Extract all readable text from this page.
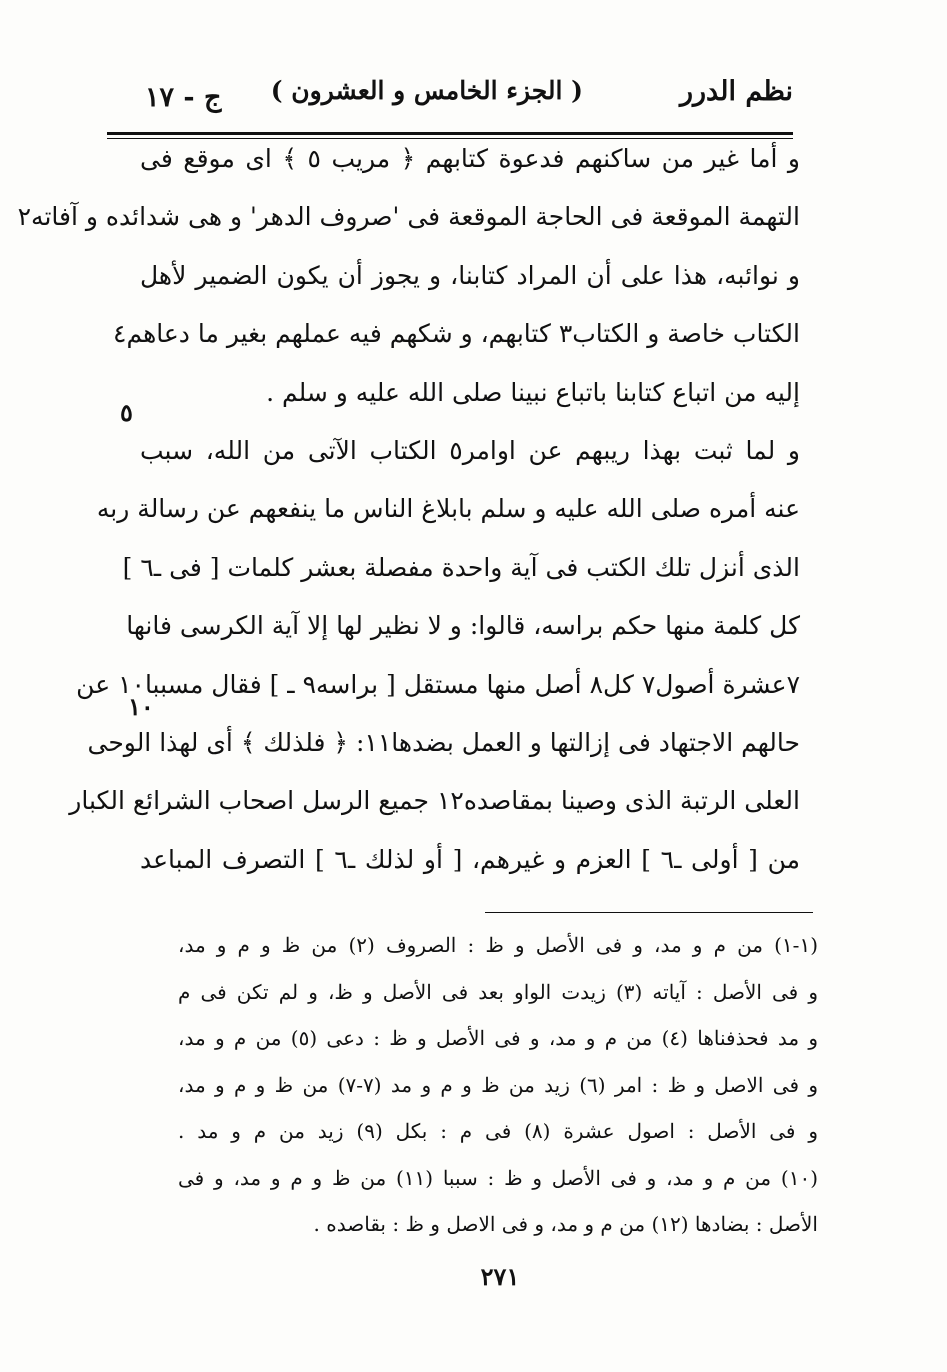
نظم الدرر
( الجزء الخامس و العشرون )
ج - ١٧
و أما غير من ساكنهم فدعوة كتابهم ﴿ مريب ٥ ﴾ اى موقع فى
التهمة الموقعة فى الحاجة الموقعة فى 'صروف الدهر' و هى شدائده و آفاته٢
و نوائبه، هذا على أن المراد كتابنا، و يجوز أن يكون الضمير لأهل
الكتاب خاصة و الكتاب٣ كتابهم، و شكهم فيه عملهم بغير ما دعاهم٤
إليه من اتباع كتابنا باتباع نبينا صلى الله عليه و سلم .
و لما ثبت بهذا ريبهم عن اوامر٥ الكتاب الآتى من الله، سبب
عنه أمره صلى الله عليه و سلم بابلاغ الناس ما ينفعهم عن رسالة ربه
الذى أنزل تلك الكتب فى آية واحدة مفصلة بعشر كلمات [ فى ـ٦ ]
كل كلمة منها حكم براسه، قالوا: و لا نظير لها إلا آية الكرسى فانها
٧عشرة أصول٧ كل٨ أصل منها مستقل [ براسه٩ ـ ] فقال مسببا١٠ عن
حالهم الاجتهاد فى إزالتها و العمل بضدها١١: ﴿ فلذلك ﴾ أى لهذا الوحى
العلى الرتبة الذى وصينا بمقاصده١٢ جميع الرسل اصحاب الشرائع الكبار
من [ أولى ـ٦ ] العزم و غيرهم، [ أو لذلك ـ٦ ] التصرف المباعد
٥
١٠
(١-١) من م و مد، و فى الأصل و ظ : الصروف (٢) من ظ و م و مد،
و فى الأصل : آياته (٣) زيدت الواو بعد فى الأصل و ظ، و لم تكن فى م
و مد فحذفناها (٤) من م و مد، و فى الأصل و ظ : دعى (٥) من م و مد،
و فى الاصل و ظ : امر (٦) زيد من ظ و م و مد (٧-٧) من ظ و م و مد،
و فى الأصل : اصول عشرة (٨) فى م : بكل (٩) زيد من م و مد .
(١٠) من م و مد، و فى الأصل و ظ : سببا (١١) من ظ و م و مد، و فى
الأصل : بضادها (١٢) من م و مد، و فى الاصل و ظ : بقاصده .
٢٧١
